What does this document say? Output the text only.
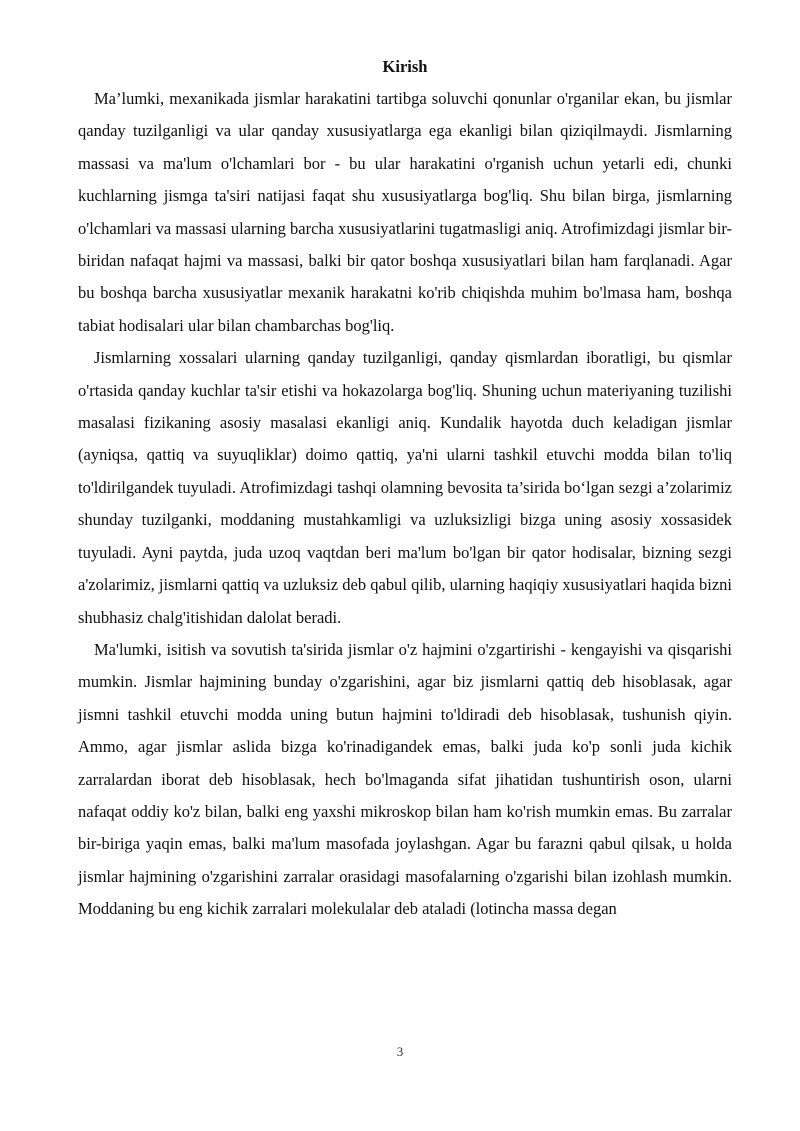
Kirish

Ma’lumki, mexanikada jismlar harakatini tartibga soluvchi qonunlar o'rganilar ekan, bu jismlar qanday tuzilganligi va ular qanday xususiyatlarga ega ekanligi bilan qiziqilmaydi. Jismlarning massasi va ma'lum o'lchamlari bor - bu ular harakatini o'rganish uchun yetarli edi, chunki kuchlarning jismga ta'siri natijasi faqat shu xususiyatlarga bog'liq. Shu bilan birga, jismlarning o'lchamlari va massasi ularning barcha xususiyatlarini tugatmasligi aniq. Atrofimizdagi jismlar bir-biridan nafaqat hajmi va massasi, balki bir qator boshqa xususiyatlari bilan ham farqlanadi. Agar bu boshqa barcha xususiyatlar mexanik harakatni ko'rib chiqishda muhim bo'lmasa ham, boshqa tabiat hodisalari ular bilan chambarchas bog'liq.

Jismlarning xossalari ularning qanday tuzilganligi, qanday qismlardan iboratligi, bu qismlar o'rtasida qanday kuchlar ta'sir etishi va hokazolarga bog'liq. Shuning uchun materiyaning tuzilishi masalasi fizikaning asosiy masalasi ekanligi aniq. Kundalik hayotda duch keladigan jismlar (ayniqsa, qattiq va suyuqliklar) doimo qattiq, ya'ni ularni tashkil etuvchi modda bilan to'liq to'ldirilgandek tuyuladi. Atrofimizdagi tashqi olamning bevosita ta’sirida bo‘lgan sezgi a’zolarimiz shunday tuzilganki, moddaning mustahkamligi va uzluksizligi bizga uning asosiy xossasidek tuyuladi. Ayni paytda, juda uzoq vaqtdan beri ma'lum bo'lgan bir qator hodisalar, bizning sezgi a'zolarimiz, jismlarni qattiq va uzluksiz deb qabul qilib, ularning haqiqiy xususiyatlari haqida bizni shubhasiz chalg'itishidan dalolat beradi.

Ma'lumki, isitish va sovutish ta'sirida jismlar o'z hajmini o'zgartirishi - kengayishi va qisqarishi mumkin. Jismlar hajmining bunday o'zgarishini, agar biz jismlarni qattiq deb hisoblasak, agar jismni tashkil etuvchi modda uning butun hajmini to'ldiradi deb hisoblasak, tushunish qiyin. Ammo, agar jismlar aslida bizga ko'rinadigandek emas, balki juda ko'p sonli juda kichik zarralardan iborat deb hisoblasak, hech bo'lmaganda sifat jihatidan tushuntirish oson, ularni nafaqat oddiy ko'z bilan, balki eng yaxshi mikroskop bilan ham ko'rish mumkin emas. Bu zarralar bir-biriga yaqin emas, balki ma'lum masofada joylashgan. Agar bu farazni qabul qilsak, u holda jismlar hajmining o'zgarishini zarralar orasidagi masofalarning o'zgarishi bilan izohlash mumkin. Moddaning bu eng kichik zarralari molekulalar deb ataladi (lotincha massa degan

3
